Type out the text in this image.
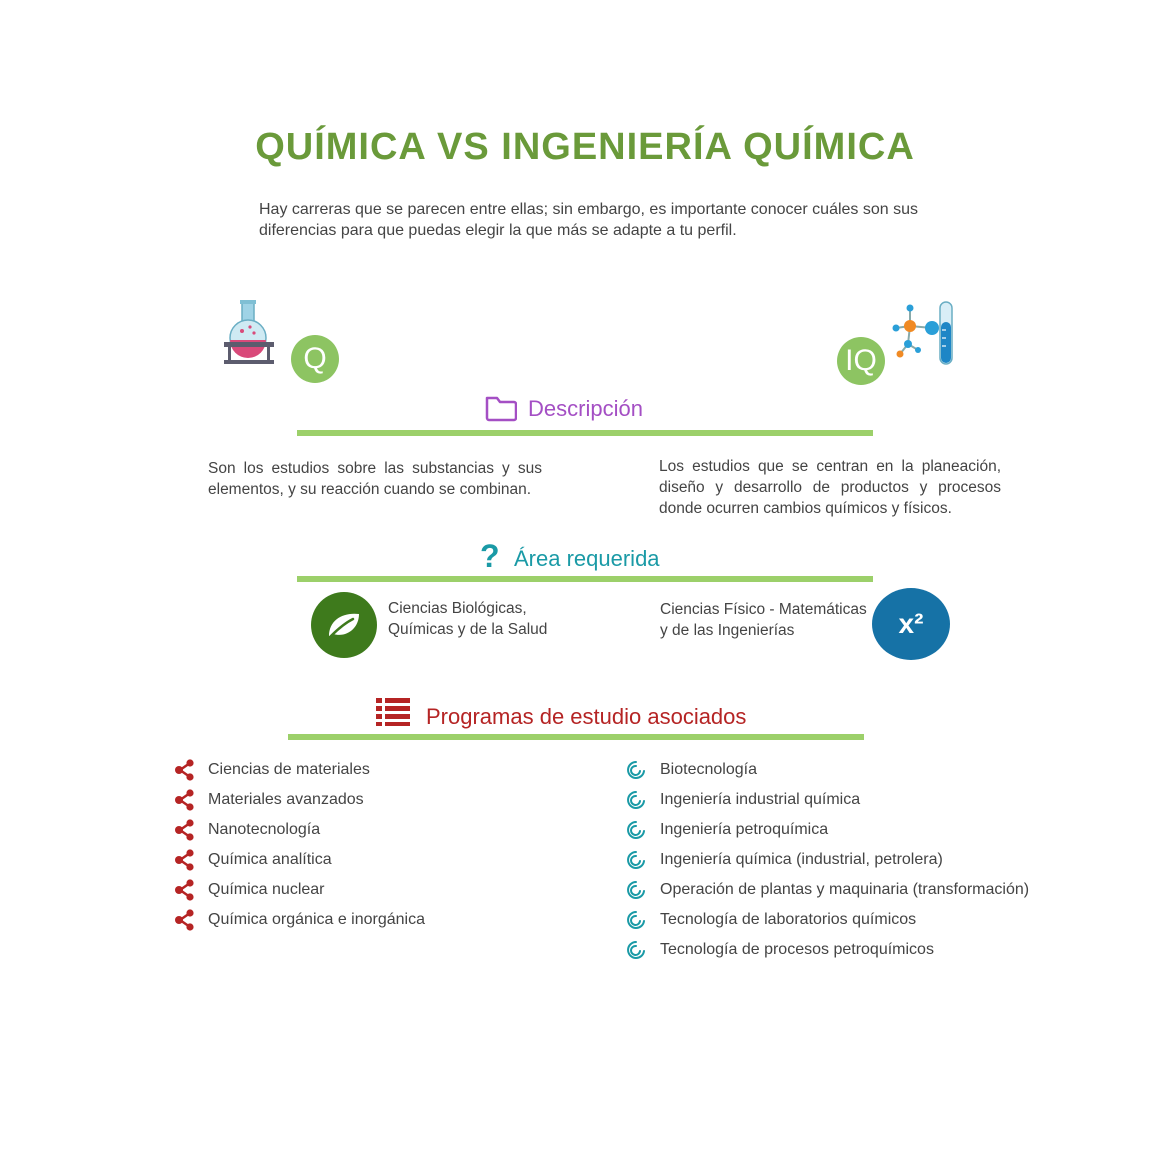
QUÍMICA VS INGENIERÍA QUÍMICA
Hay carreras que se parecen entre ellas; sin embargo, es importante conocer cuáles son sus diferencias para que puedas elegir la que más se adapte a tu perfil.
Q	IQ
Descripción
Son los estudios sobre las substancias y sus elementos, y su reacción cuando se combinan.
Los estudios que se centran en la planeación, diseño y desarrollo de productos y procesos donde ocurren cambios químicos y físicos.
? Área requerida
Ciencias Biológicas,
Químicas y de la Salud
Ciencias Físico - Matemáticas
y de las Ingenierías	x²
Programas de estudio asociados
Ciencias de materiales
Materiales avanzados
Nanotecnología
Química analítica
Química nuclear
Química orgánica e inorgánica
Biotecnología
Ingeniería industrial química
Ingeniería petroquímica
Ingeniería química (industrial, petrolera)
Operación de plantas y maquinaria (transformación)
Tecnología de laboratorios químicos
Tecnología de procesos petroquímicos
